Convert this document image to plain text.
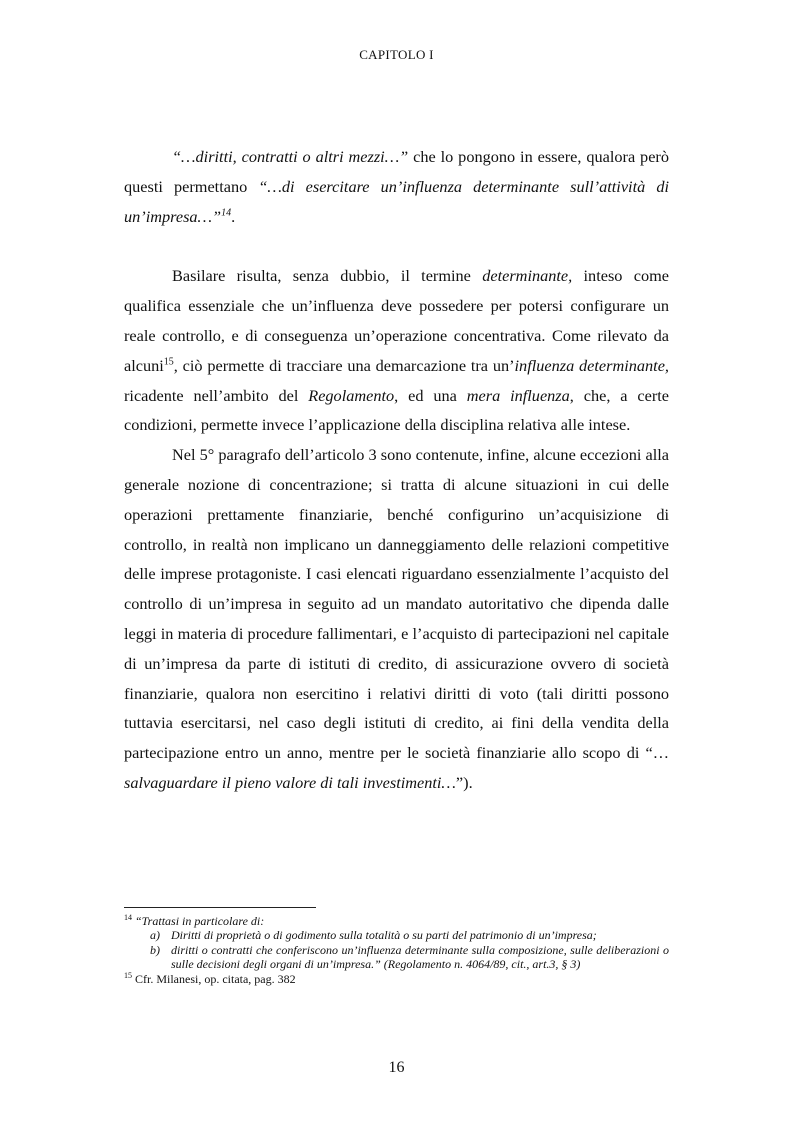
CAPITOLO I

“…diritti, contratti o altri mezzi…” che lo pongono in essere, qualora però questi permettano “…di esercitare un’influenza determinante sull’attività di un’impresa…”$^{14}$.

Basilare risulta, senza dubbio, il termine determinante, inteso come qualifica essenziale che un’influenza deve possedere per potersi configurare un reale controllo, e di conseguenza un’operazione concentrativa. Come rilevato da alcuni$^{15}$, ciò permette di tracciare una demarcazione tra un’influenza determinante, ricadente nell’ambito del Regolamento, ed una mera influenza, che, a certe condizioni, permette invece l’applicazione della disciplina relativa alle intese.

Nel 5° paragrafo dell’articolo 3 sono contenute, infine, alcune eccezioni alla generale nozione di concentrazione; si tratta di alcune situazioni in cui delle operazioni prettamente finanziarie, benché configurino un’acquisizione di controllo, in realtà non implicano un danneggiamento delle relazioni competitive delle imprese protagoniste. I casi elencati riguardano essenzialmente l’acquisto del controllo di un’impresa in seguito ad un mandato autoritativo che dipenda dalle leggi in materia di procedure fallimentari, e l’acquisto di partecipazioni nel capitale di un’impresa da parte di istituti di credito, di assicurazione ovvero di società finanziarie, qualora non esercitino i relativi diritti di voto (tali diritti possono tuttavia esercitarsi, nel caso degli istituti di credito, ai fini della vendita della partecipazione entro un anno, mentre per le società finanziarie allo scopo di “…salvaguardare il pieno valore di tali investimenti…”).

$^{14}$ “Trattasi in particolare di:
a) Diritti di proprietà o di godimento sulla totalità o su parti del patrimonio di un’impresa;
b) diritti o contratti che conferiscono un’influenza determinante sulla composizione, sulle deliberazioni o sulle decisioni degli organi di un’impresa.” (Regolamento n. 4064/89, cit., art.3, § 3)
$^{15}$ Cfr. Milanesi, op. citata, pag. 382
16
